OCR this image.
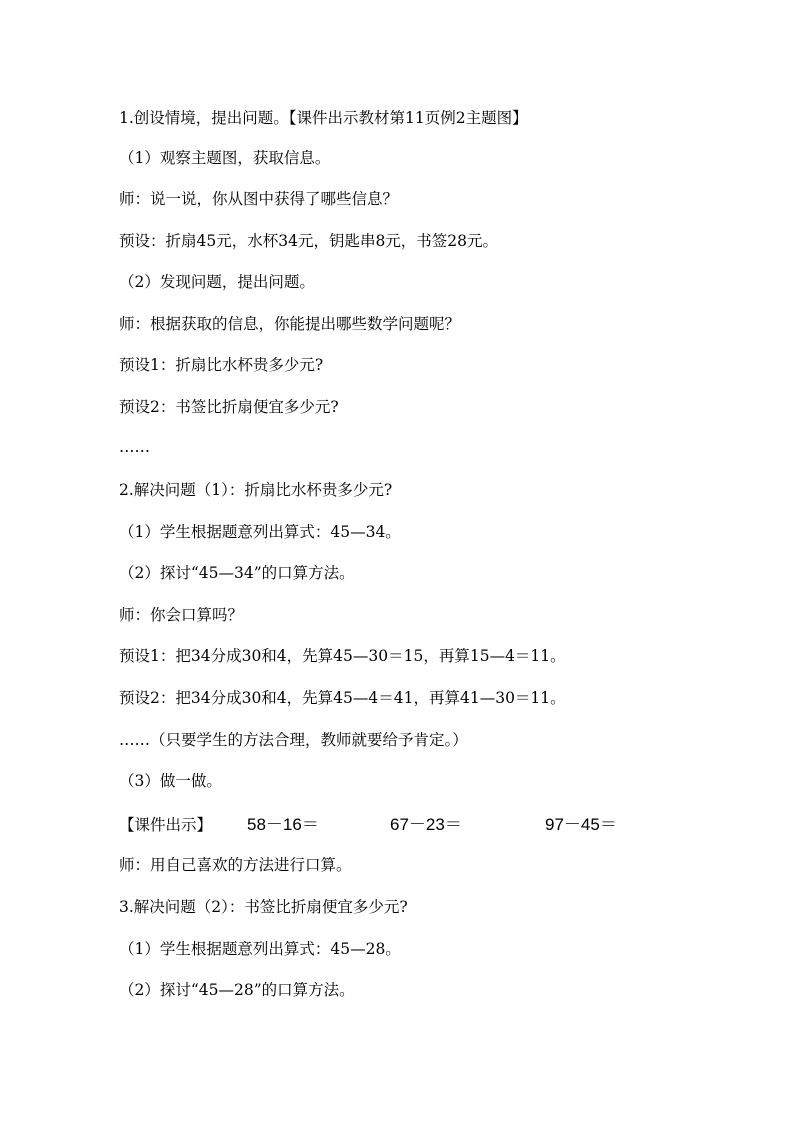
1.创设情境，提出问题。【课件出示教材第11页例2主题图】
（1）观察主题图，获取信息。
师：说一说，你从图中获得了哪些信息？
预设：折扇45元，水杯34元，钥匙串8元，书签28元。
（2）发现问题，提出问题。
师：根据获取的信息，你能提出哪些数学问题呢？
预设1：折扇比水杯贵多少元?
预设2：书签比折扇便宜多少元?
……
2.解决问题（1）：折扇比水杯贵多少元?
（1）学生根据题意列出算式：45—34。
（2）探讨“45—34”的口算方法。
师：你会口算吗？
预设1：把34分成30和4，先算45—30＝15，再算15—4＝11。
预设2：把34分成30和4，先算45—4＝41，再算41—30＝11。
……（只要学生的方法合理，教师就要给予肯定。）
（3）做一做。
【课件出示】 58－16＝	67－23＝	97－45＝
师：用自己喜欢的方法进行口算。
3.解决问题（2）：书签比折扇便宜多少元?
（1）学生根据题意列出算式：45—28。
（2）探讨“45—28”的口算方法。
